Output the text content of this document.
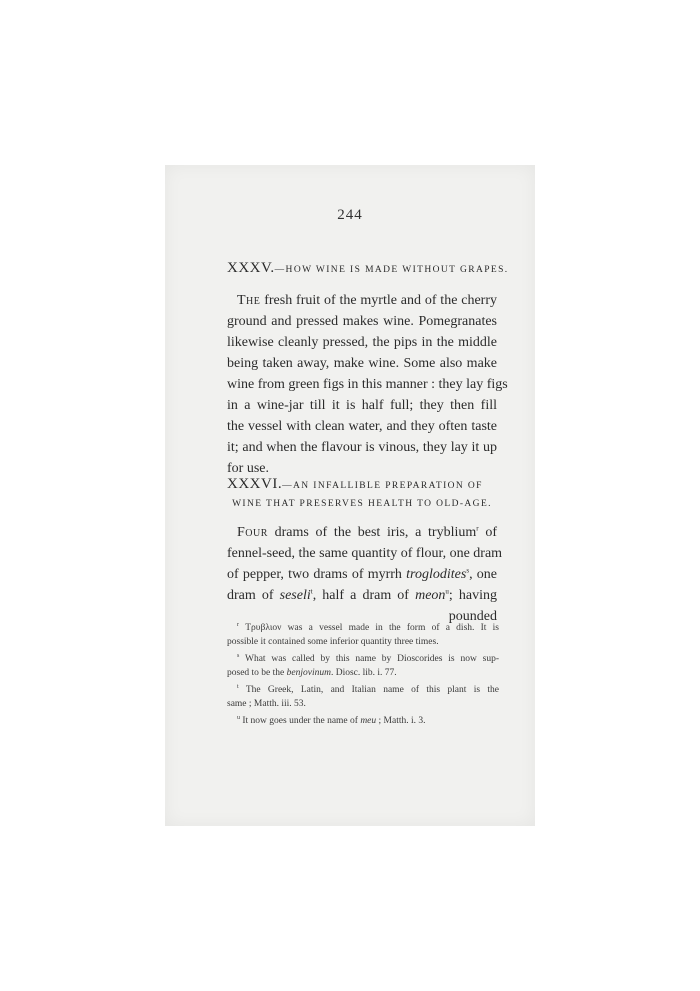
244
XXXV.—HOW WINE IS MADE WITHOUT GRAPES.
The fresh fruit of the myrtle and of the cherry
ground and pressed makes wine. Pomegranates
likewise cleanly pressed, the pips in the middle
being taken away, make wine. Some also make
wine from green figs in this manner : they lay figs
in a wine-jar till it is half full; they then fill
the vessel with clean water, and they often taste
it; and when the flavour is vinous, they lay it up
for use.
XXXVI.—AN INFALLIBLE PREPARATION OF
WINE THAT PRESERVES HEALTH TO OLD-AGE.
Four drams of the best iris, a tryblium$^r$ of
fennel-seed, the same quantity of flour, one dram
of pepper, two drams of myrrh troglodites$^s$, one
dram of seseli$^t$, half a dram of meon$^u$; having
pounded
$^r$ Τρυβλιον was a vessel made in the form of a dish. It is
possible it contained some inferior quantity three times.
$^s$ What was called by this name by Dioscorides is now sup-
posed to be the benjovinum. Diosc. lib. i. 77.
$^t$ The Greek, Latin, and Italian name of this plant is the
same ; Matth. iii. 53.
$^u$ It now goes under the name of meu ; Matth. i. 3.
